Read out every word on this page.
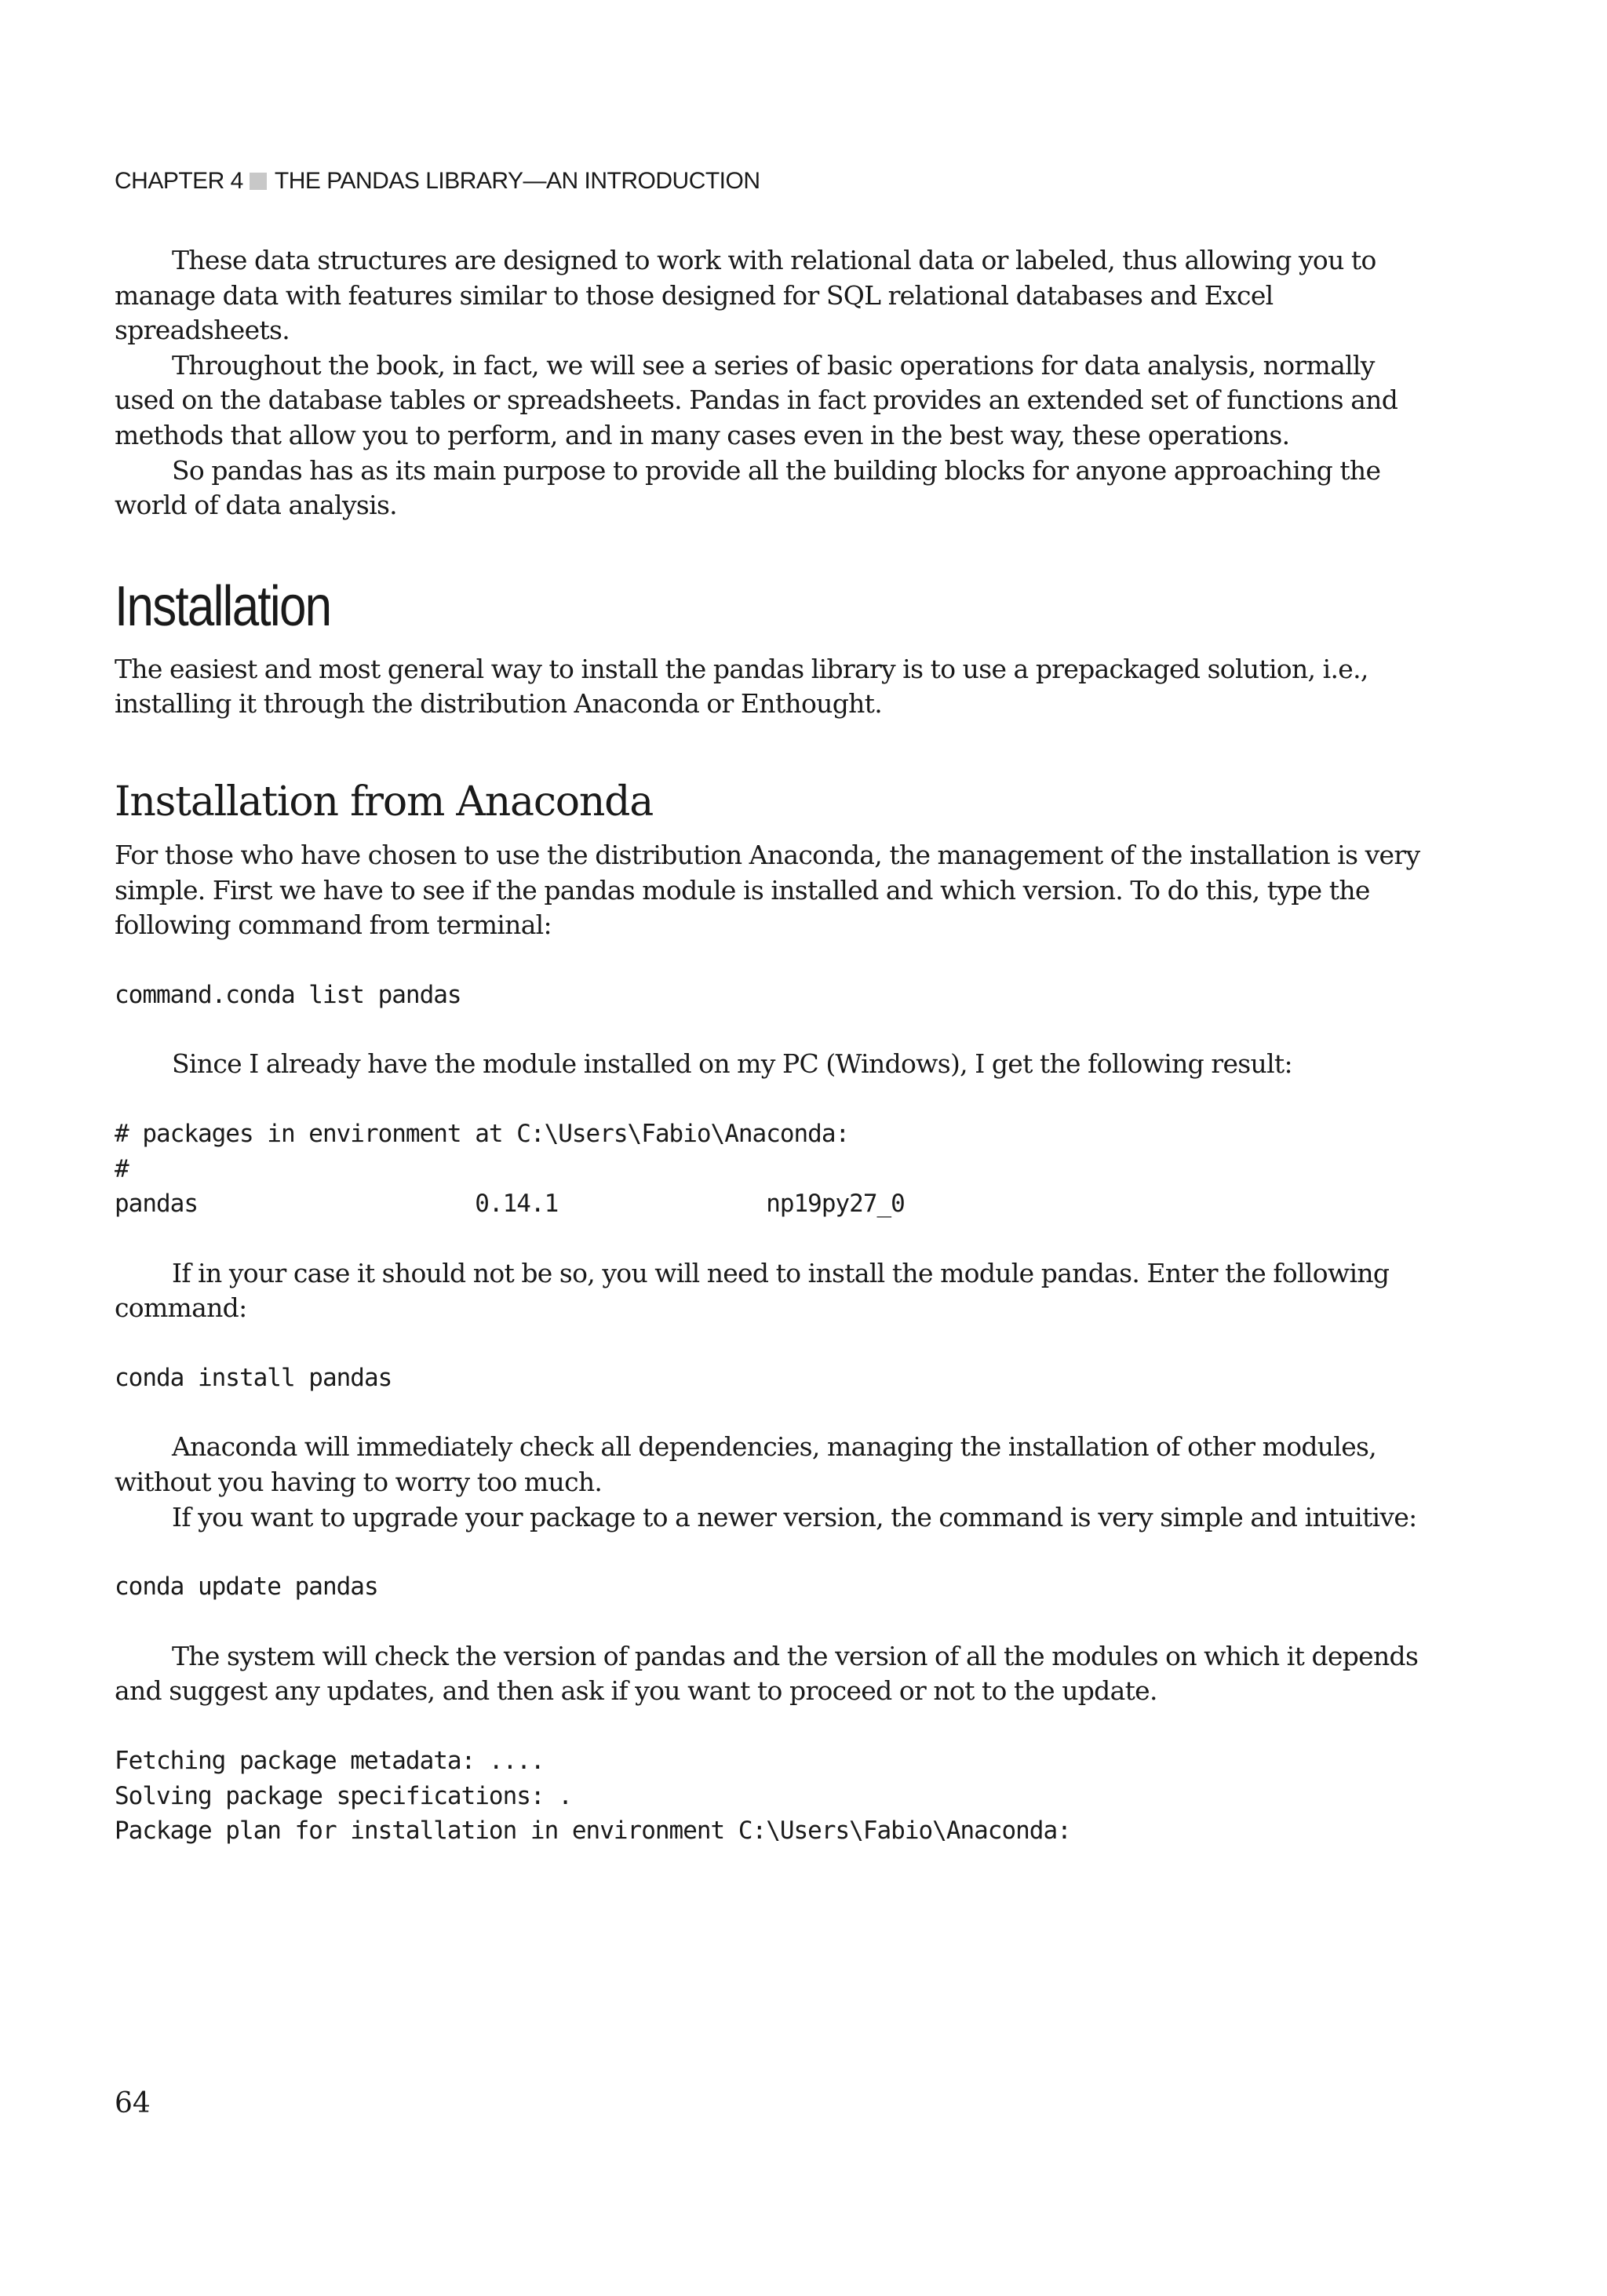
CHAPTER 4 THE PANDAS LIBRARY—AN INTRODUCTION

These data structures are designed to work with relational data or labeled, thus allowing you to manage data with features similar to those designed for SQL relational databases and Excel spreadsheets.

Throughout the book, in fact, we will see a series of basic operations for data analysis, normally used on the database tables or spreadsheets. Pandas in fact provides an extended set of functions and methods that allow you to perform, and in many cases even in the best way, these operations.

So pandas has as its main purpose to provide all the building blocks for anyone approaching the world of data analysis.

Installation

The easiest and most general way to install the pandas library is to use a prepackaged solution, i.e., installing it through the distribution Anaconda or Enthought.

Installation from Anaconda

For those who have chosen to use the distribution Anaconda, the management of the installation is very simple. First we have to see if the pandas module is installed and which version. To do this, type the following command from terminal:

command.conda list pandas

Since I already have the module installed on my PC (Windows), I get the following result:

# packages in environment at C:\Users\Fabio\Anaconda:
#
pandas                    0.14.1               np19py27_0

If in your case it should not be so, you will need to install the module pandas. Enter the following command:

conda install pandas

Anaconda will immediately check all dependencies, managing the installation of other modules, without you having to worry too much.

If you want to upgrade your package to a newer version, the command is very simple and intuitive:

conda update pandas

The system will check the version of pandas and the version of all the modules on which it depends and suggest any updates, and then ask if you want to proceed or not to the update.

Fetching package metadata: ....
Solving package specifications: .
Package plan for installation in environment C:\Users\Fabio\Anaconda:
64
